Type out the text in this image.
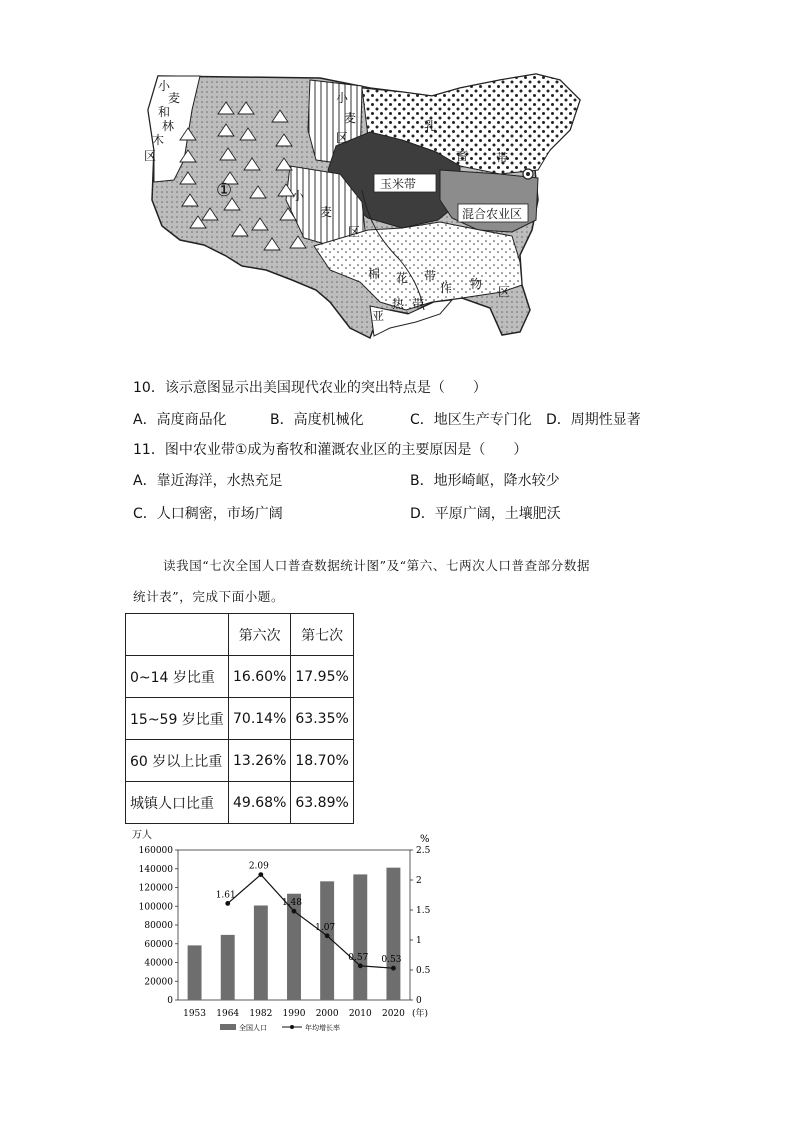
小
麦
和
林
木
区
小
麦
区
乳
畜 带
玉米带
混合农业区
①	小
麦
区
棉 花 带
作 物
区
亚
热 带
10．该示意图显示出美国现代农业的突出特点是（　　）
A．高度商品化	B．高度机械化	C．地区生产专门化 D．周期性显著
11．图中农业带①成为畜牧和灌溉农业区的主要原因是（　　）
A．靠近海洋，水热充足	B．地形崎岖，降水较少
C．人口稠密，市场广阔	D．平原广阔，土壤肥沃
读我国“七次全国人口普查数据统计图”及“第六、七两次人口普查部分数据
统计表”，完成下面小题。
	第六次	第七次
0~14 岁比重	16.60%	17.95%
15~59 岁比重	70.14%	63.35%
60 岁以上比重	13.26%	18.70%
城镇人口比重	49.68%	63.89%
万人	%
0
20000
40000
60000
80000
100000
120000
140000
160000
0
0.5
1
1.5
2
2.5
1953 1964 1982 1990 2000 2010 2020 (年)
1.61
2.09
1.48
1.07
0.57 0.53
全国人口	年均增长率
